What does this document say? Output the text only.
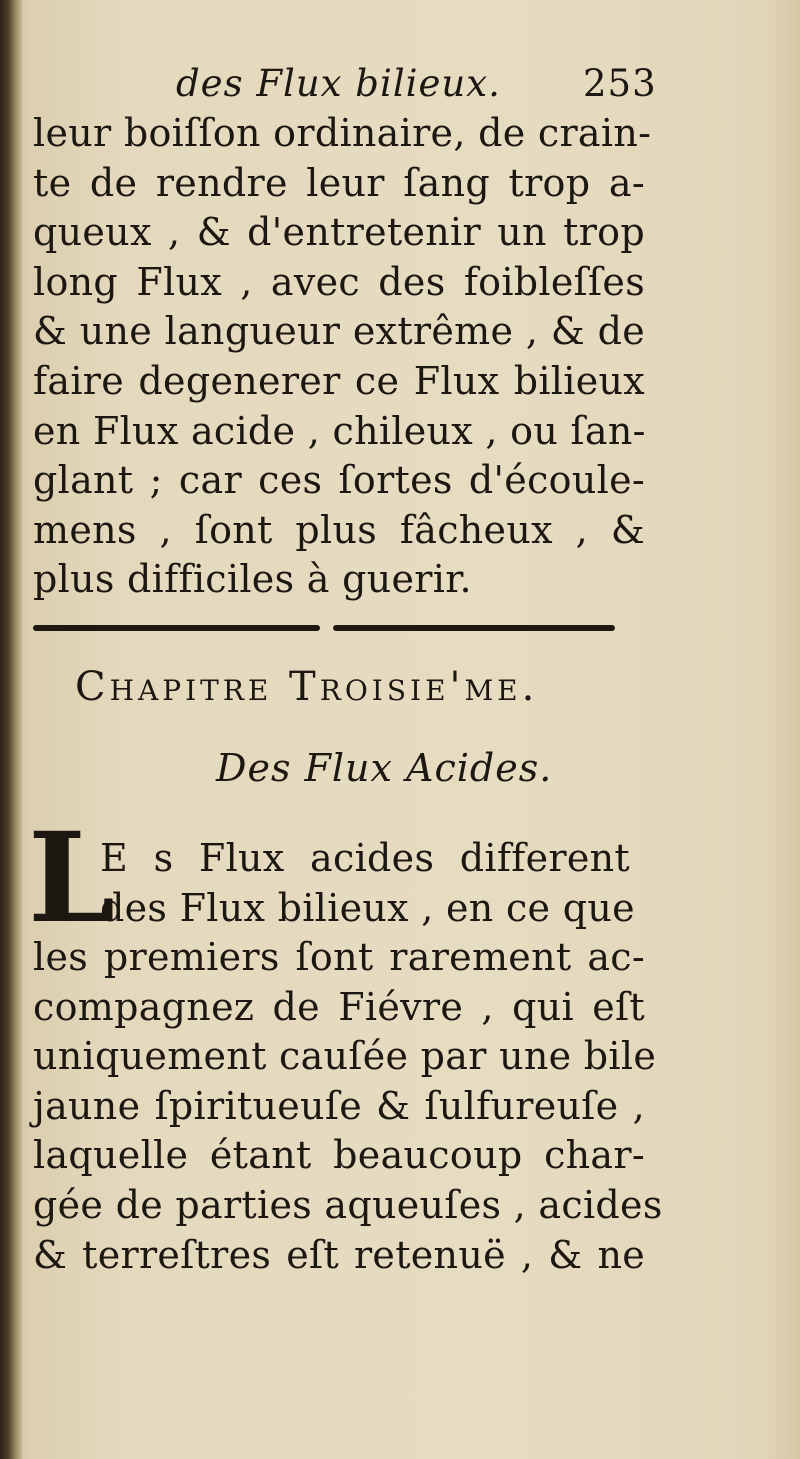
des Flux bilieux. 253
leur boiſſon ordinaire, de crain-
te de rendre leur ſang trop a-
queux , & d'entretenir un trop
long Flux , avec des foibleſſes
& une langueur extrême , & de
faire degenerer ce Flux bilieux
en Flux acide , chileux , ou ſan-
glant ; car ces ſortes d'écoule-
mens , ſont plus fâcheux , &
plus difficiles à guerir.
Chapitre Troisie'me.
Des Flux Acides.
L
E s Flux acides different
des Flux bilieux , en ce que
les premiers ſont rarement ac-
compagnez de Fiévre , qui eſt
uniquement cauſée par une bile
jaune ſpiritueuſe & ſulfureuſe ,
laquelle étant beaucoup char-
gée de parties aqueuſes , acides
& terreſtres eſt retenuë , & ne
